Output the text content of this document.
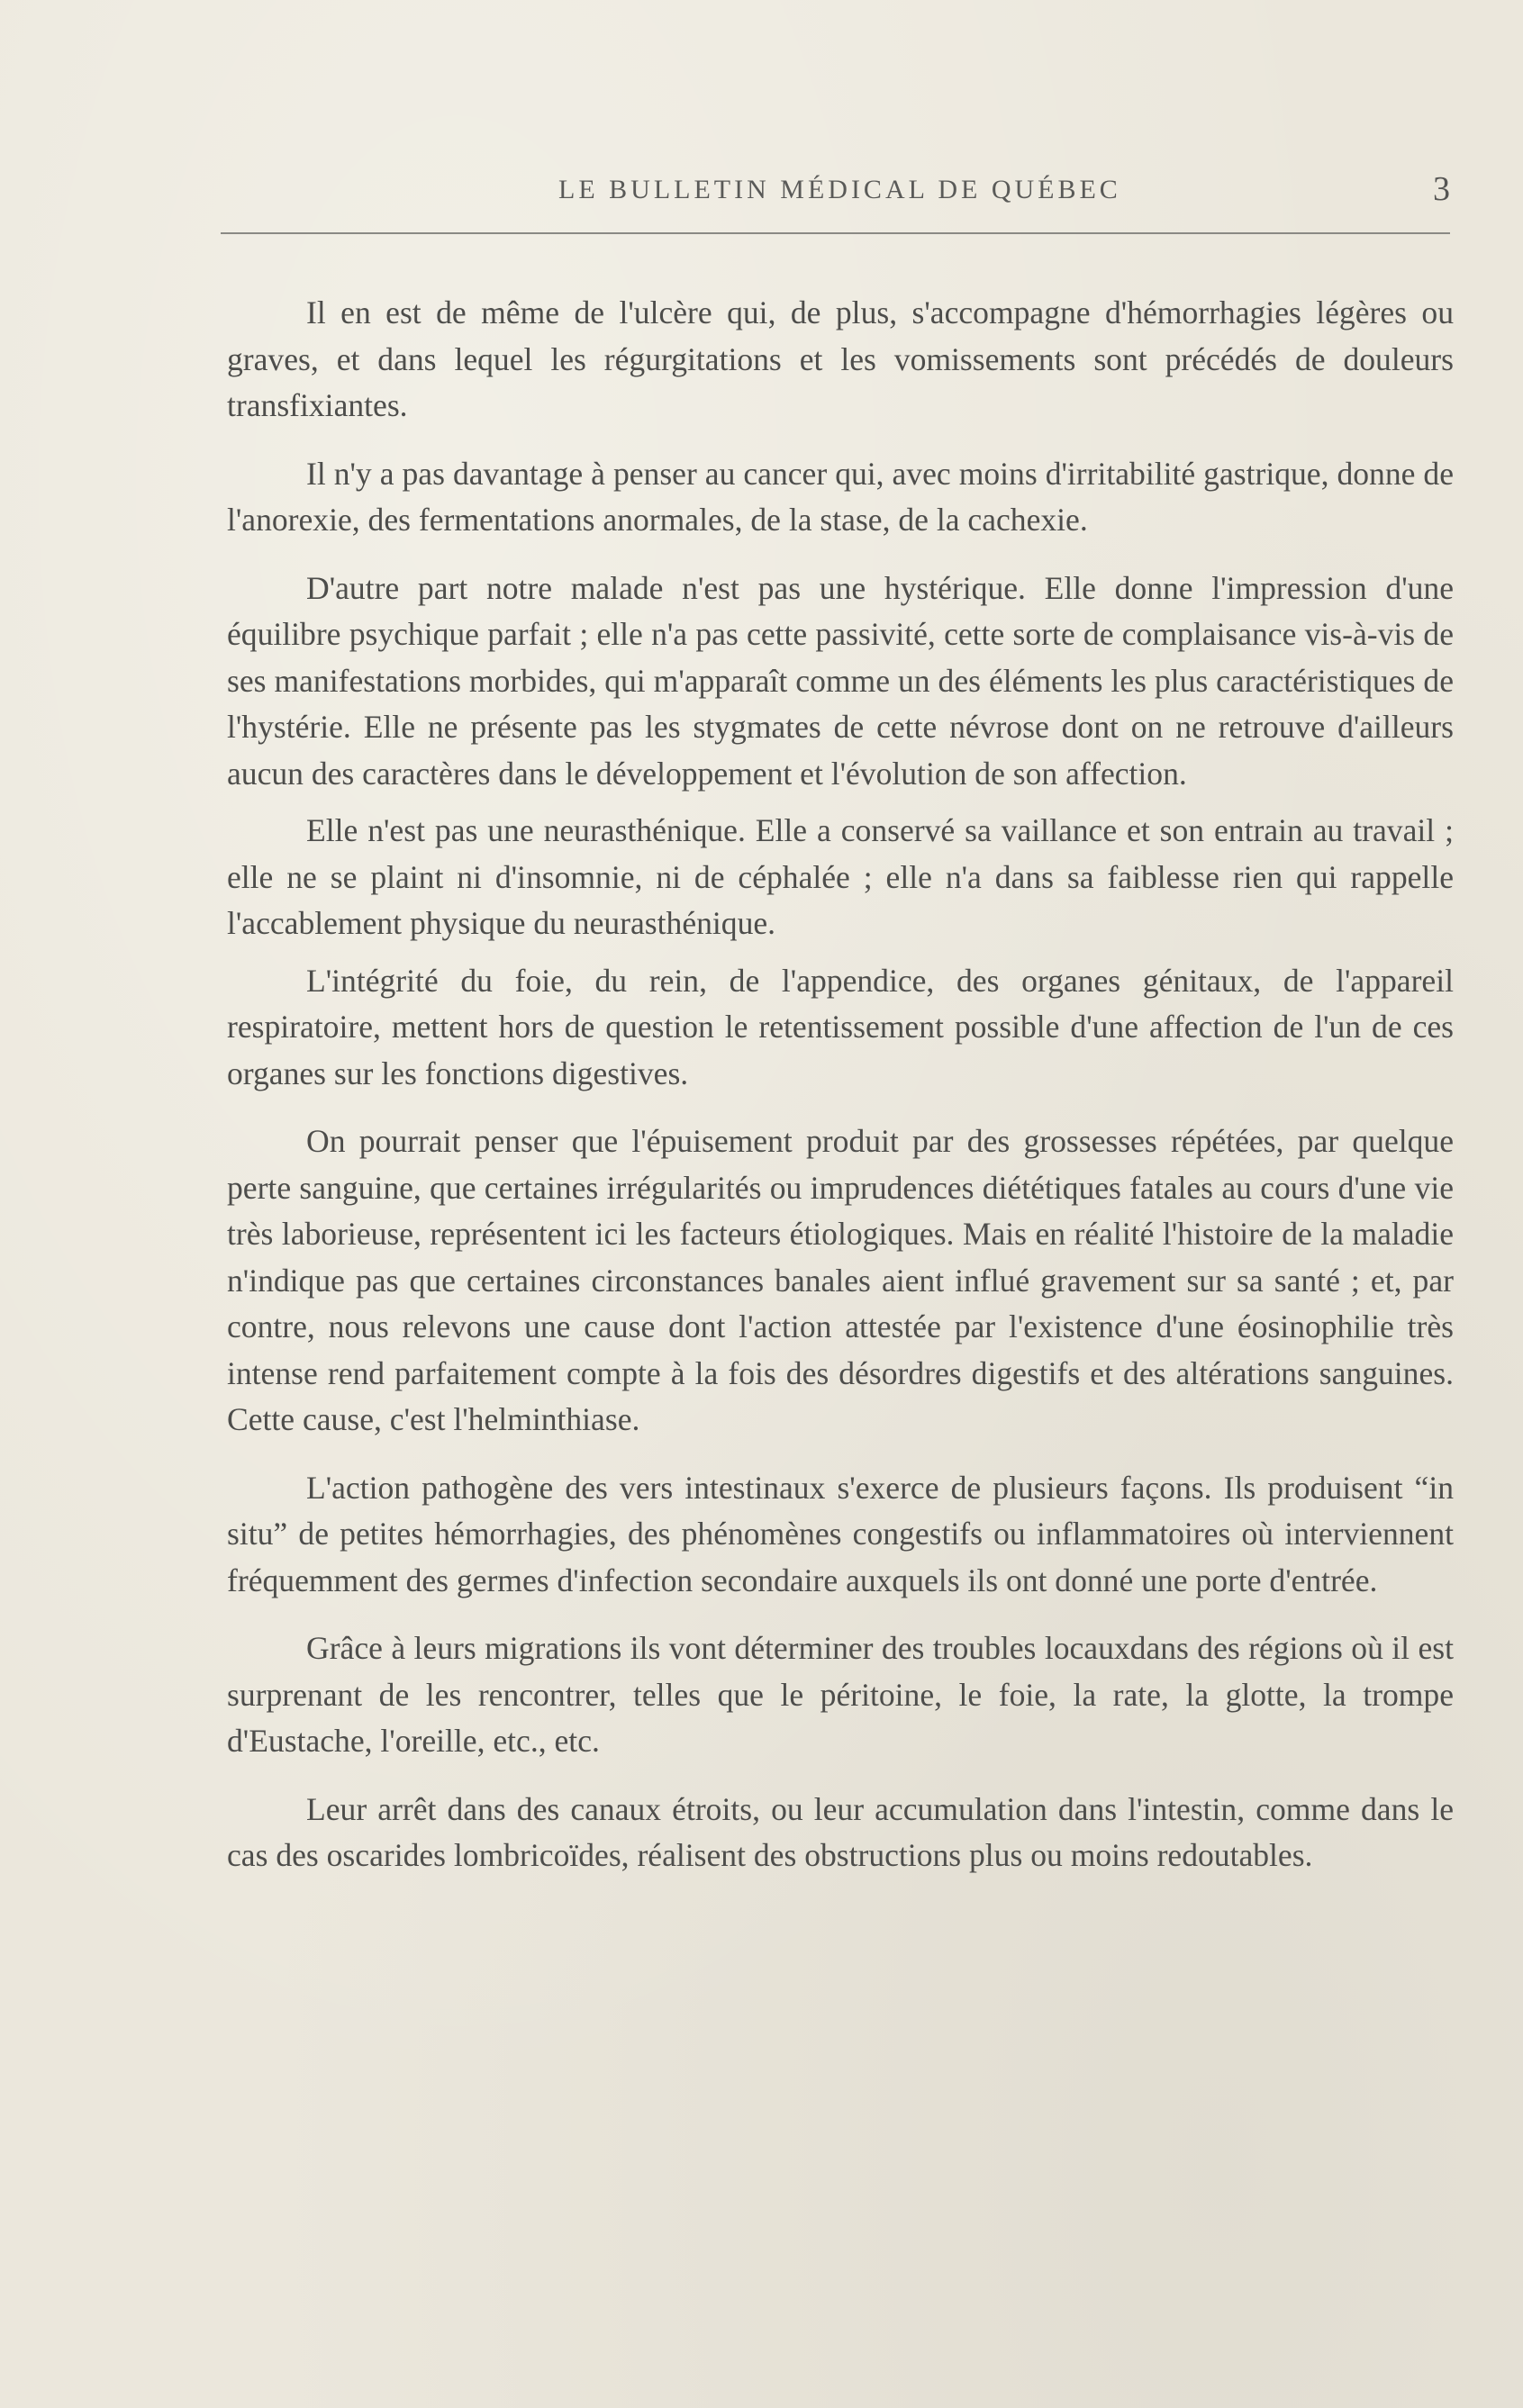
LE BULLETIN MÉDICAL DE QUÉBEC	3

Il en est de même de l'ulcère qui, de plus, s'accompagne d'hémorrhagies légères ou graves, et dans lequel les régurgitations et les vomissements sont précédés de douleurs transfixiantes.

Il n'y a pas davantage à penser au cancer qui, avec moins d'irritabilité gastrique, donne de l'anorexie, des fermentations anormales, de la stase, de la cachexie.

D'autre part notre malade n'est pas une hystérique. Elle donne l'impression d'une équilibre psychique parfait ; elle n'a pas cette passivité, cette sorte de complaisance vis-à-vis de ses manifestations morbides, qui m'apparaît comme un des éléments les plus caractéristiques de l'hystérie. Elle ne présente pas les stygmates de cette névrose dont on ne retrouve d'ailleurs aucun des caractères dans le développement et l'évolution de son affection.

Elle n'est pas une neurasthénique. Elle a conservé sa vaillance et son entrain au travail ; elle ne se plaint ni d'insomnie, ni de céphalée ; elle n'a dans sa faiblesse rien qui rappelle l'accablement physique du neurasthénique.

L'intégrité du foie, du rein, de l'appendice, des organes génitaux, de l'appareil respiratoire, mettent hors de question le retentissement possible d'une affection de l'un de ces organes sur les fonctions digestives.

On pourrait penser que l'épuisement produit par des grossesses répétées, par quelque perte sanguine, que certaines irrégularités ou imprudences diététiques fatales au cours d'une vie très laborieuse, représentent ici les facteurs étiologiques. Mais en réalité l'histoire de la maladie n'indique pas que certaines circonstances banales aient influé gravement sur sa santé ; et, par contre, nous relevons une cause dont l'action attestée par l'existence d'une éosinophilie très intense rend parfaitement compte à la fois des désordres digestifs et des altérations sanguines. Cette cause, c'est l'helminthiase.

L'action pathogène des vers intestinaux s'exerce de plusieurs façons. Ils produisent “in situ” de petites hémorrhagies, des phénomènes congestifs ou inflammatoires où interviennent fréquemment des germes d'infection secondaire auxquels ils ont donné une porte d'entrée.

Grâce à leurs migrations ils vont déterminer des troubles locauxdans des régions où il est surprenant de les rencontrer, telles que le péritoine, le foie, la rate, la glotte, la trompe d'Eustache, l'oreille, etc., etc.

Leur arrêt dans des canaux étroits, ou leur accumulation dans l'intestin, comme dans le cas des oscarides lombricoïdes, réalisent des obstructions plus ou moins redoutables.
